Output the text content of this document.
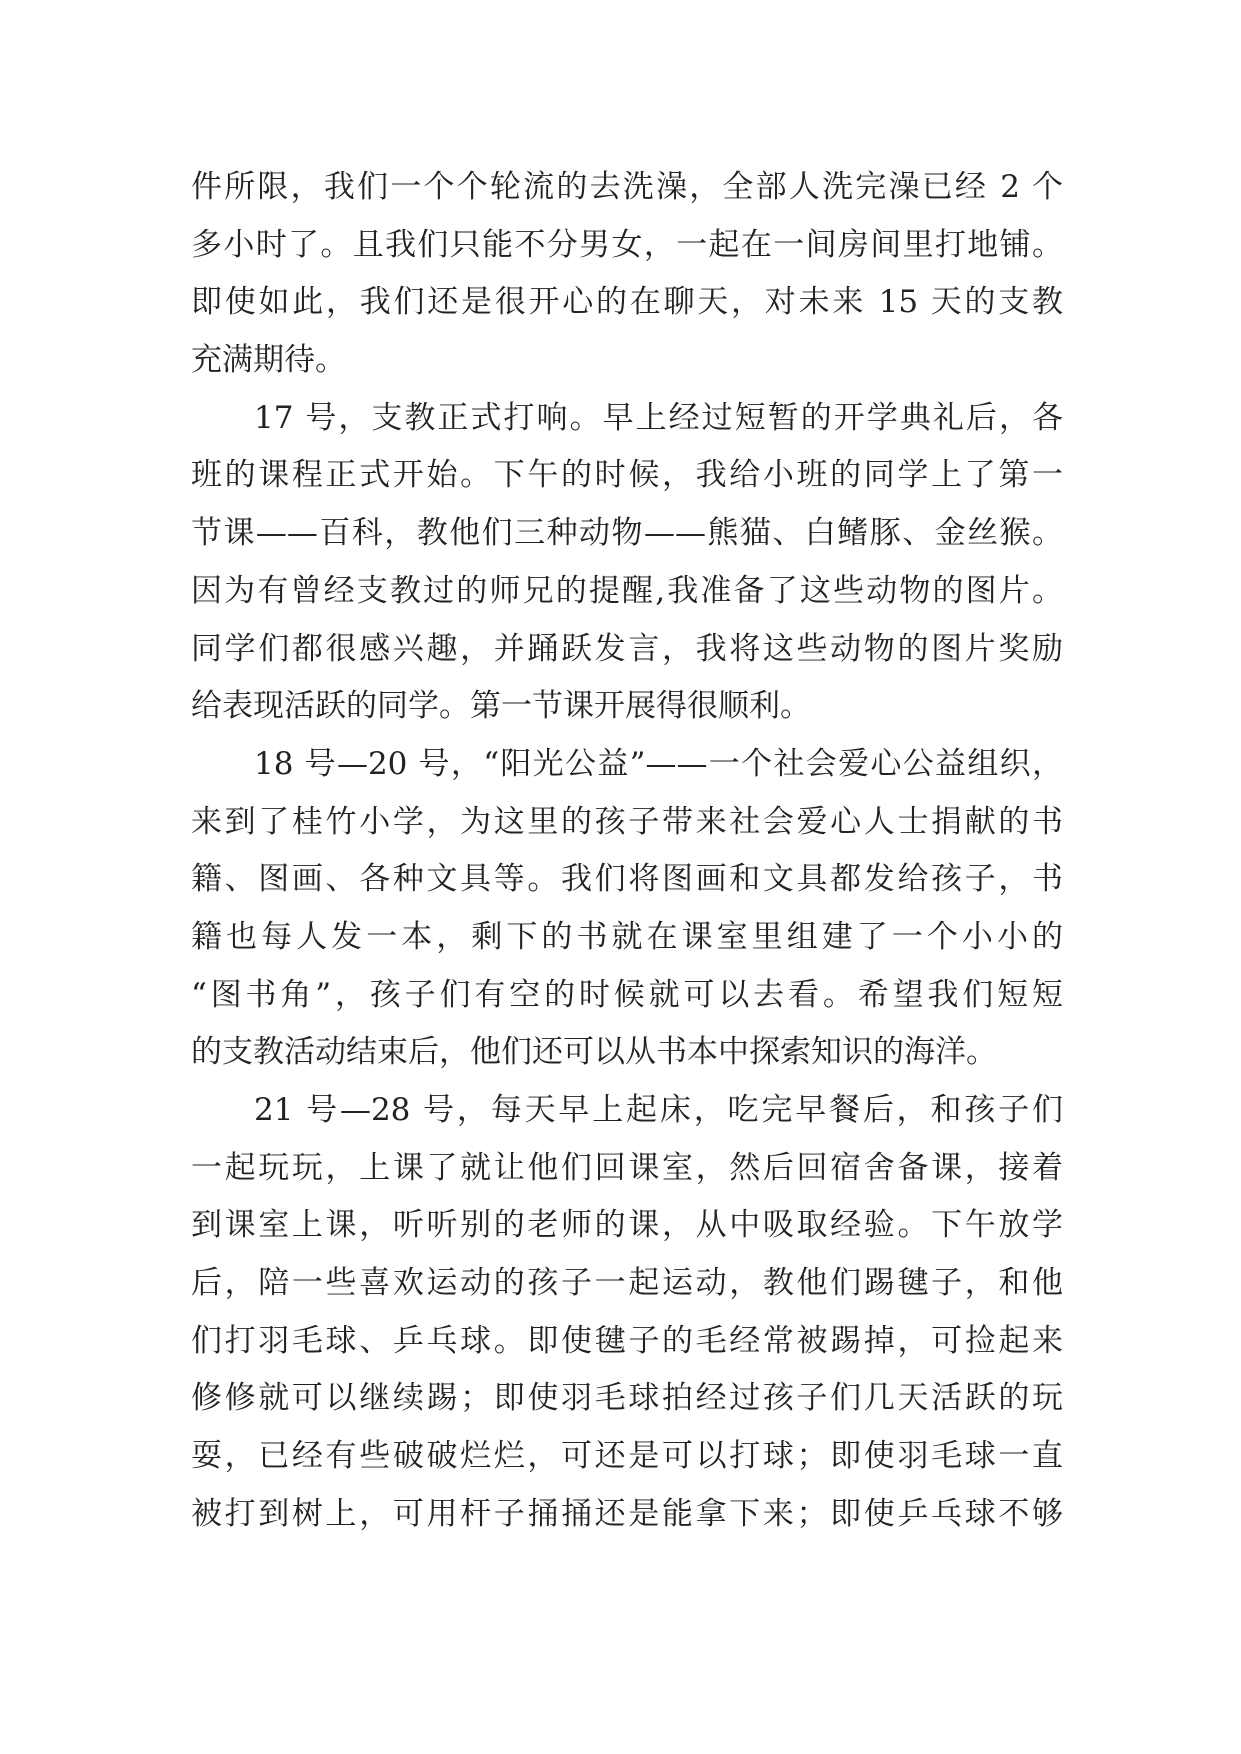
件所限，我们一个个轮流的去洗澡，全部人洗完澡已经 2 个
多小时了。且我们只能不分男女，一起在一间房间里打地铺。
即使如此，我们还是很开心的在聊天，对未来 15 天的支教
充满期待。
17 号，支教正式打响。早上经过短暂的开学典礼后，各
班的课程正式开始。下午的时候，我给小班的同学上了第一
节课——百科，教他们三种动物——熊猫、白鳍豚、金丝猴。
因为有曾经支教过的师兄的提醒,我准备了这些动物的图片。
同学们都很感兴趣，并踊跃发言，我将这些动物的图片奖励
给表现活跃的同学。第一节课开展得很顺利。
18 号—20 号，“阳光公益”——一个社会爱心公益组织，
来到了桂竹小学，为这里的孩子带来社会爱心人士捐献的书
籍、图画、各种文具等。我们将图画和文具都发给孩子，书
籍也每人发一本，剩下的书就在课室里组建了一个小小的
“图书角”，孩子们有空的时候就可以去看。希望我们短短
的支教活动结束后，他们还可以从书本中探索知识的海洋。
21 号—28 号，每天早上起床，吃完早餐后，和孩子们
一起玩玩，上课了就让他们回课室，然后回宿舍备课，接着
到课室上课，听听别的老师的课，从中吸取经验。下午放学
后，陪一些喜欢运动的孩子一起运动，教他们踢毽子，和他
们打羽毛球、乒乓球。即使毽子的毛经常被踢掉，可捡起来
修修就可以继续踢；即使羽毛球拍经过孩子们几天活跃的玩
耍，已经有些破破烂烂，可还是可以打球；即使羽毛球一直
被打到树上，可用杆子捅捅还是能拿下来；即使乒乓球不够
